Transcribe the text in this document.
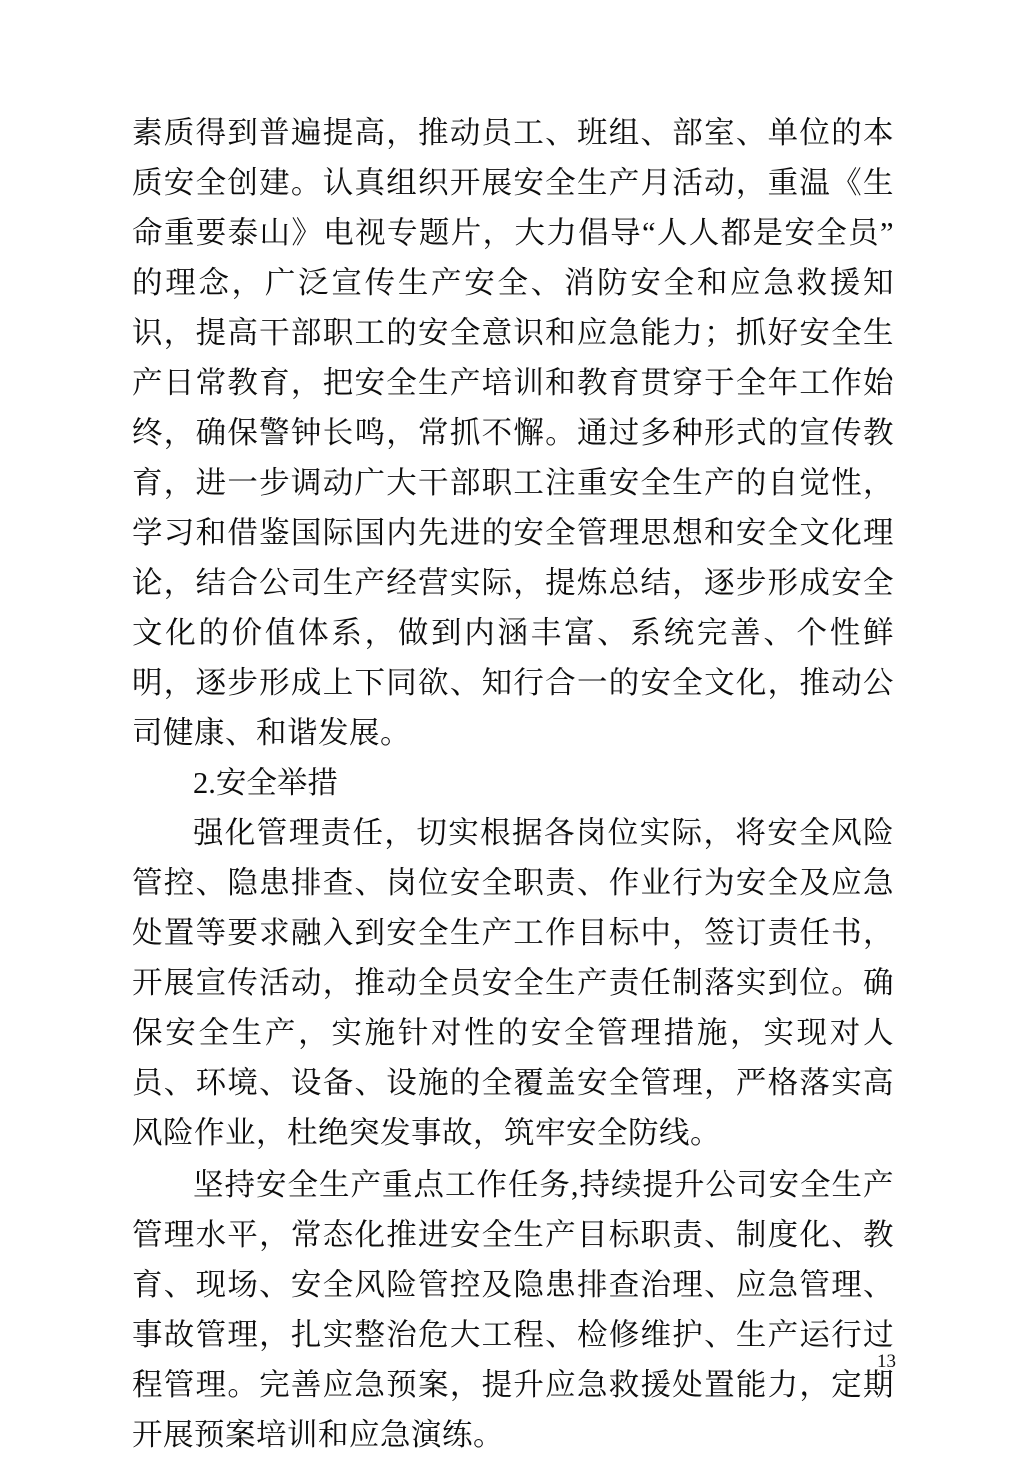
素质得到普遍提高，推动员工、班组、部室、单位的本质安全创建。认真组织开展安全生产月活动，重温《生命重要泰山》电视专题片，大力倡导“人人都是安全员”的理念，广泛宣传生产安全、消防安全和应急救援知识，提高干部职工的安全意识和应急能力；抓好安全生产日常教育，把安全生产培训和教育贯穿于全年工作始终，确保警钟长鸣，常抓不懈。通过多种形式的宣传教育，进一步调动广大干部职工注重安全生产的自觉性，学习和借鉴国际国内先进的安全管理思想和安全文化理论，结合公司生产经营实际，提炼总结，逐步形成安全文化的价值体系，做到内涵丰富、系统完善、个性鲜明，逐步形成上下同欲、知行合一的安全文化，推动公司健康、和谐发展。

2.安全举措

强化管理责任，切实根据各岗位实际，将安全风险管控、隐患排查、岗位安全职责、作业行为安全及应急处置等要求融入到安全生产工作目标中，签订责任书，开展宣传活动，推动全员安全生产责任制落实到位。确保安全生产，实施针对性的安全管理措施，实现对人员、环境、设备、设施的全覆盖安全管理，严格落实高风险作业，杜绝突发事故，筑牢安全防线。

坚持安全生产重点工作任务,持续提升公司安全生产管理水平，常态化推进安全生产目标职责、制度化、教育、现场、安全风险管控及隐患排查治理、应急管理、事故管理，扎实整治危大工程、检修维护、生产运行过程管理。完善应急预案，提升应急救援处置能力，定期开展预案培训和应急演练。

13
